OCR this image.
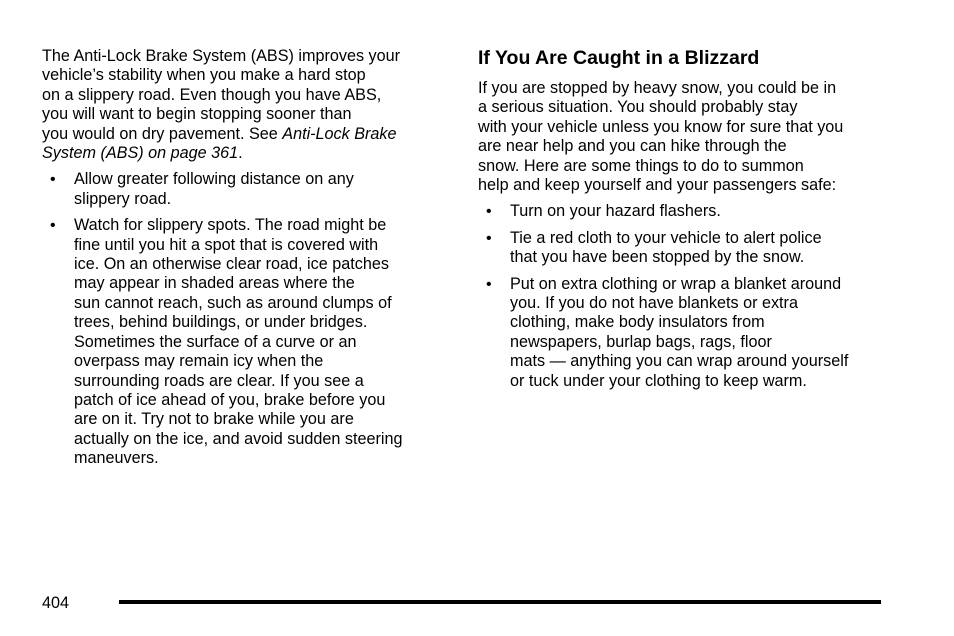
The Anti-Lock Brake System (ABS) improves your
vehicle’s stability when you make a hard stop
on a slippery road. Even though you have ABS,
you will want to begin stopping sooner than
you would on dry pavement. See Anti-Lock Brake
System (ABS) on page 361.

• Allow greater following distance on any
slippery road.
• Watch for slippery spots. The road might be
fine until you hit a spot that is covered with
ice. On an otherwise clear road, ice patches
may appear in shaded areas where the
sun cannot reach, such as around clumps of
trees, behind buildings, or under bridges.
Sometimes the surface of a curve or an
overpass may remain icy when the
surrounding roads are clear. If you see a
patch of ice ahead of you, brake before you
are on it. Try not to brake while you are
actually on the ice, and avoid sudden steering
maneuvers.
If You Are Caught in a Blizzard

If you are stopped by heavy snow, you could be in
a serious situation. You should probably stay
with your vehicle unless you know for sure that you
are near help and you can hike through the
snow. Here are some things to do to summon
help and keep yourself and your passengers safe:

• Turn on your hazard flashers.
• Tie a red cloth to your vehicle to alert police
that you have been stopped by the snow.
• Put on extra clothing or wrap a blanket around
you. If you do not have blankets or extra
clothing, make body insulators from
newspapers, burlap bags, rags, floor
mats — anything you can wrap around yourself
or tuck under your clothing to keep warm.
404
